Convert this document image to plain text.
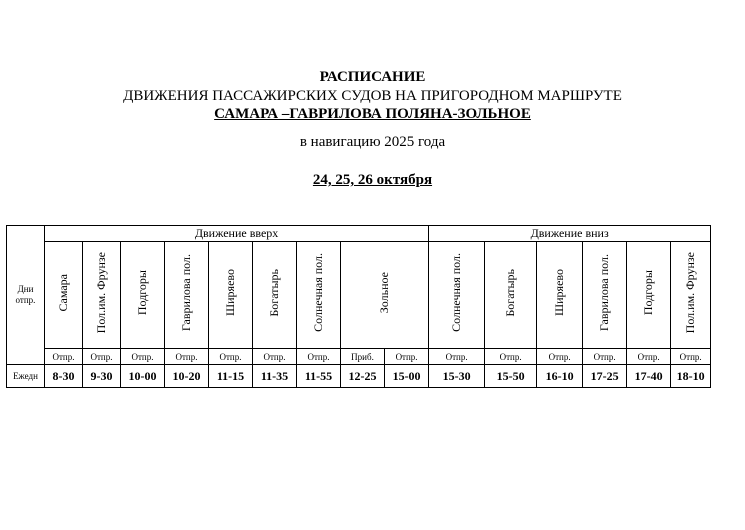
РАСПИСАНИЕ
ДВИЖЕНИЯ ПАССАЖИРСКИХ СУДОВ НА ПРИГОРОДНОМ МАРШРУТЕ
САМАРА –ГАВРИЛОВА ПОЛЯНА-ЗОЛЬНОЕ
в навигацию 2025 года
24, 25, 26 октября
Дни отпр.	Движение вверх									Движение вниз					
	Самара	Пол.им. Фрунзе	Подгоры	Гаврилова пол.	Ширяево	Богатырь	Солнечная пол.	Зольное		Солнечная пол.	Богатырь	Ширяево	Гаврилова пол.	Подгоры	Пол.им. Фрунзе
	Отпр.	Отпр.	Отпр.	Отпр.	Отпр.	Отпр.	Отпр.	Приб.	Отпр.	Отпр.	Отпр.	Отпр.	Отпр.	Отпр.	Отпр.
Ежедн	8-30	9-30	10-00	10-20	11-15	11-35	11-55	12-25	15-00	15-30	15-50	16-10	17-25	17-40	18-10
